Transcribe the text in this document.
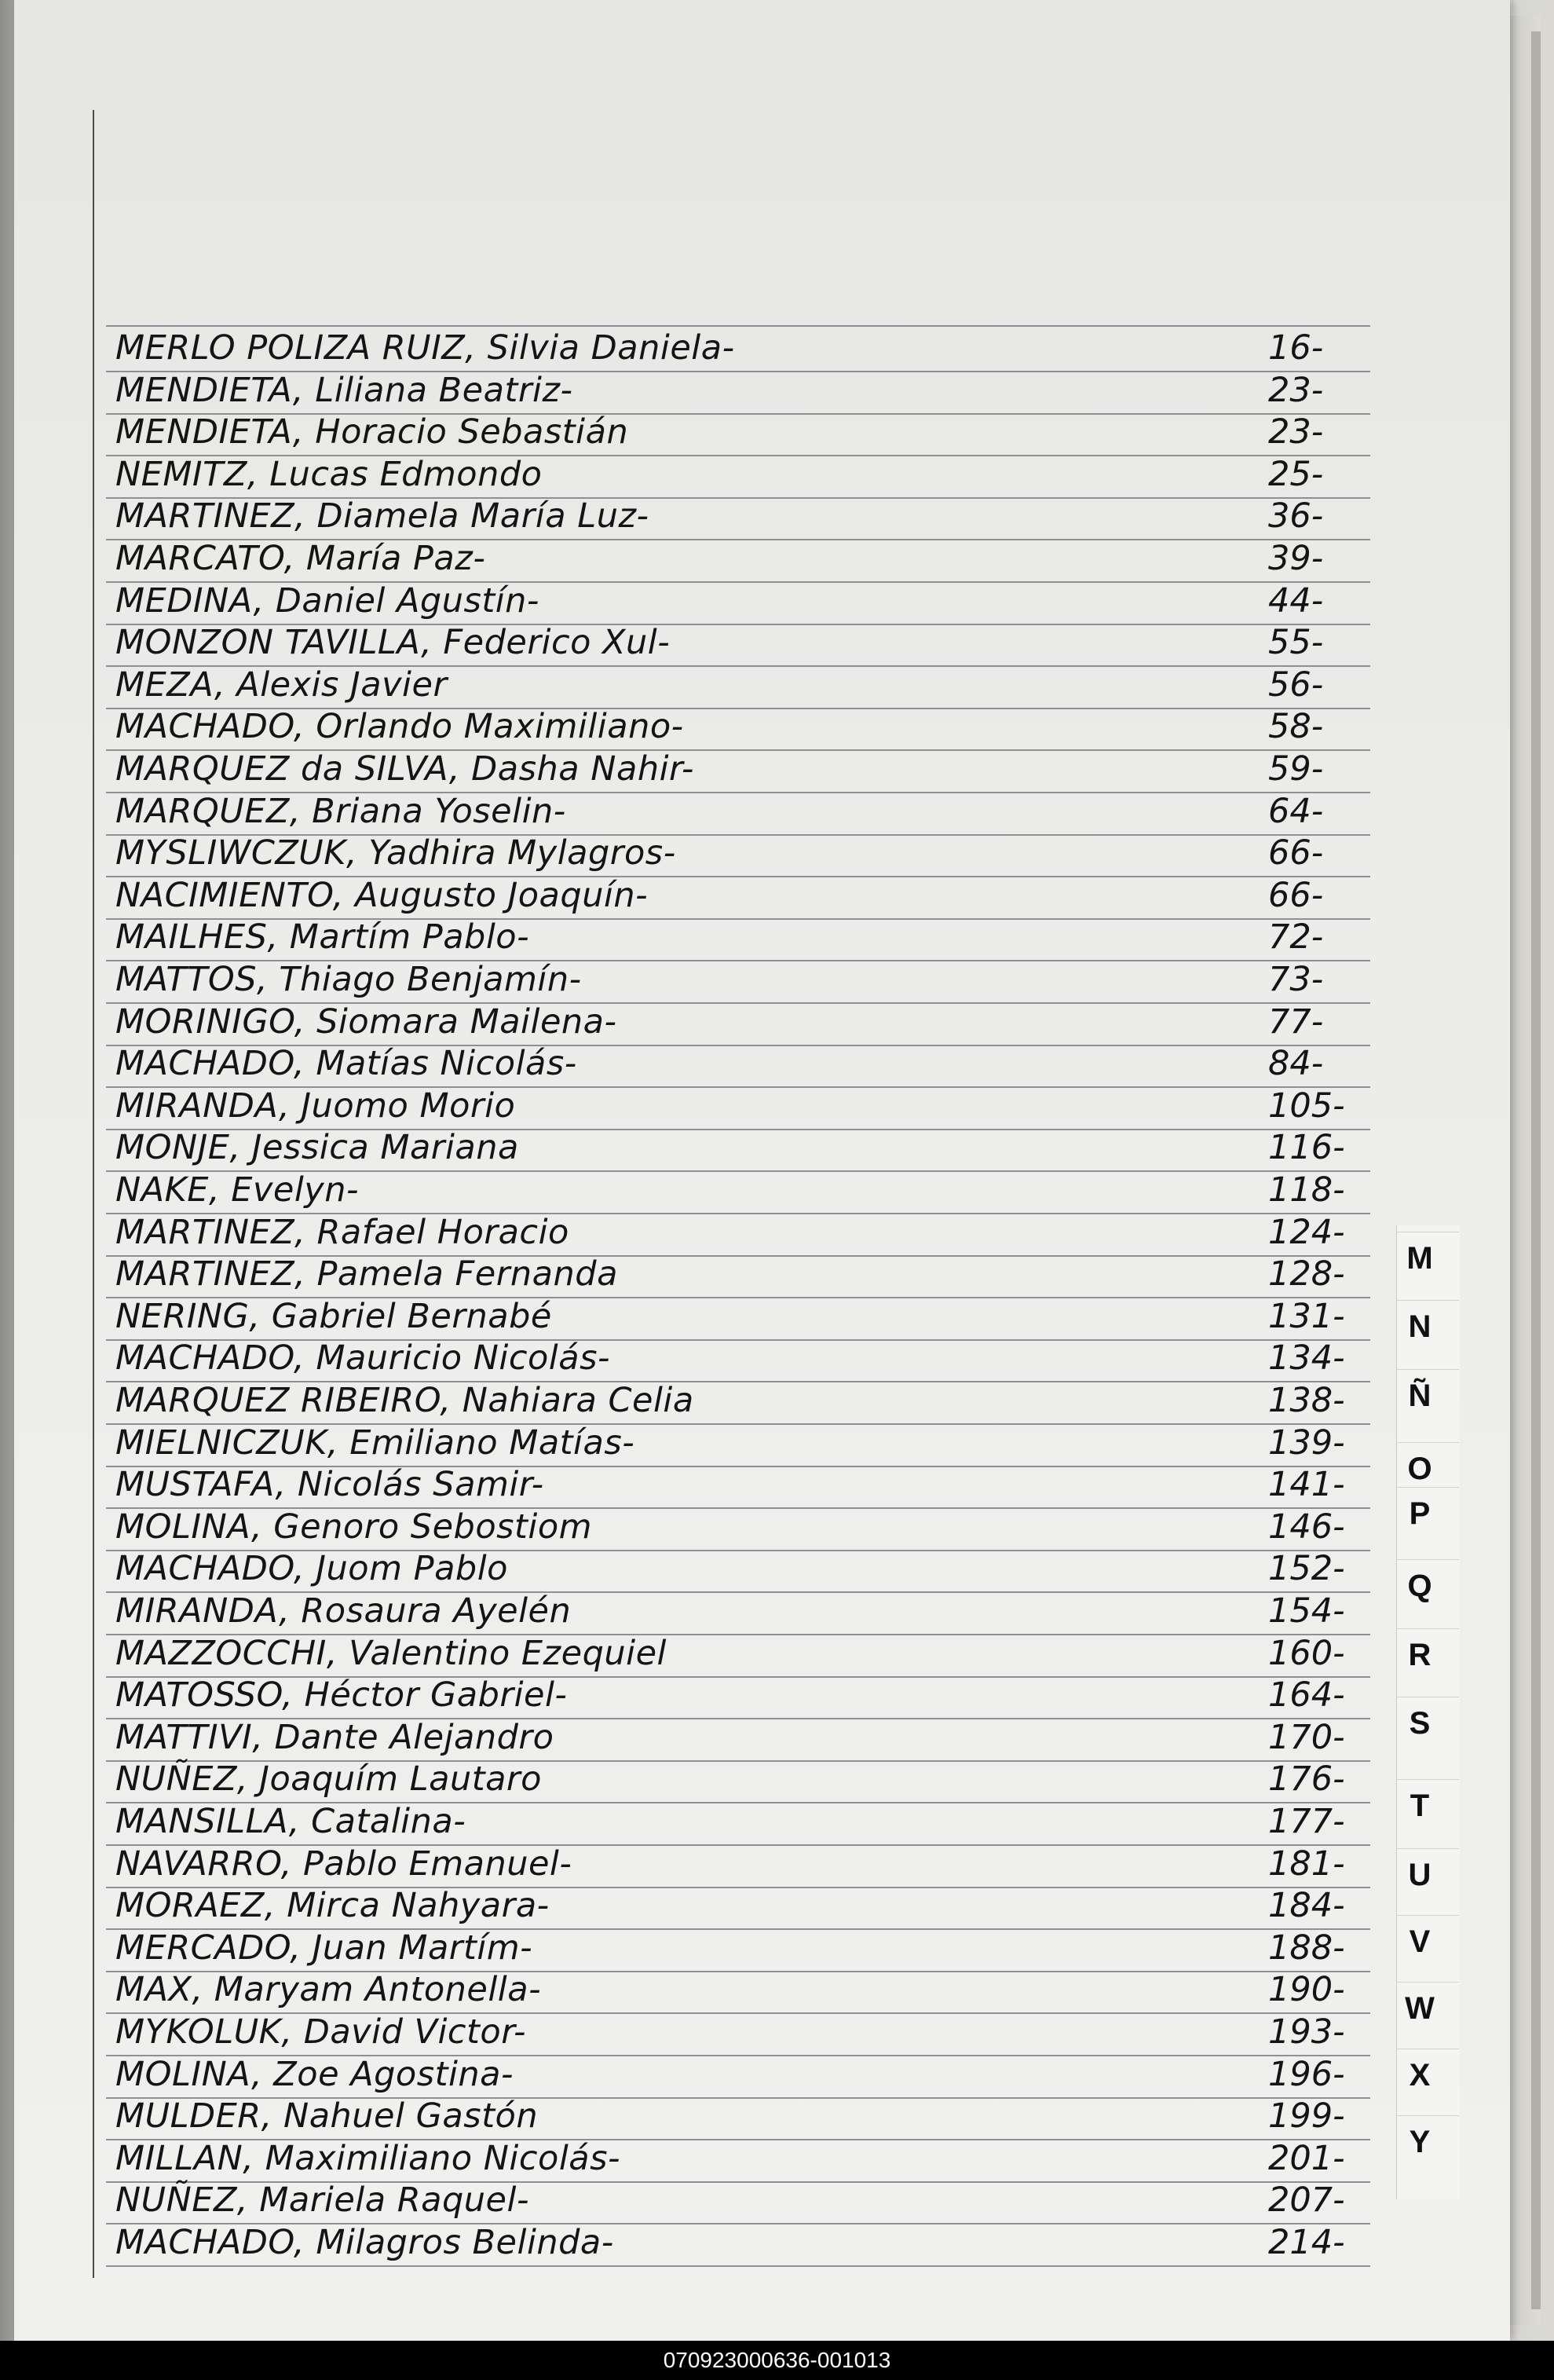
MERLO POLIZA RUIZ, Silvia Daniela-	16-
MENDIETA, Liliana Beatriz-	23-
MENDIETA, Horacio Sebastián	23-
NEMITZ, Lucas Edmondo	25-
MARTINEZ, Diamela María Luz-	36-
MARCATO, María Paz-	39-
MEDINA, Daniel Agustín-	44-
MONZON TAVILLA, Federico Xul-	55-
MEZA, Alexis Javier	56-
MACHADO, Orlando Maximiliano-	58-
MARQUEZ da SILVA, Dasha Nahir-	59-
MARQUEZ, Briana Yoselin-	64-
MYSLIWCZUK, Yadhira Mylagros-	66-
NACIMIENTO, Augusto Joaquín-	66-
MAILHES, Martím Pablo-	72-
MATTOS, Thiago Benjamín-	73-
MORINIGO, Siomara Mailena-	77-
MACHADO, Matías Nicolás-	84-
MIRANDA, Juomo Morio	105-
MONJE, Jessica Mariana	116-
NAKE, Evelyn-	118-
MARTINEZ, Rafael Horacio	124-
MARTINEZ, Pamela Fernanda	128-
NERING, Gabriel Bernabé	131-
MACHADO, Mauricio Nicolás-	134-
MARQUEZ RIBEIRO, Nahiara Celia	138-
MIELNICZUK, Emiliano Matías-	139-
MUSTAFA, Nicolás Samir-	141-
MOLINA, Genoro Sebostiom	146-
MACHADO, Juom Pablo	152-
MIRANDA, Rosaura Ayelén	154-
MAZZOCCHI, Valentino Ezequiel	160-
MATOSSO, Héctor Gabriel-	164-
MATTIVI, Dante Alejandro	170-
NUÑEZ, Joaquím Lautaro	176-
MANSILLA, Catalina-	177-
NAVARRO, Pablo Emanuel-	181-
MORAEZ, Mirca Nahyara-	184-
MERCADO, Juan Martím-	188-
MAX, Maryam Antonella-	190-
MYKOLUK, David Victor-	193-
MOLINA, Zoe Agostina-	196-
MULDER, Nahuel Gastón	199-
MILLAN, Maximiliano Nicolás-	201-
NUÑEZ, Mariela Raquel-	207-
MACHADO, Milagros Belinda-	214-
M
N
Ñ
O
P
Q
R
S
T
U
V
W
X
Y
070923000636-001013
